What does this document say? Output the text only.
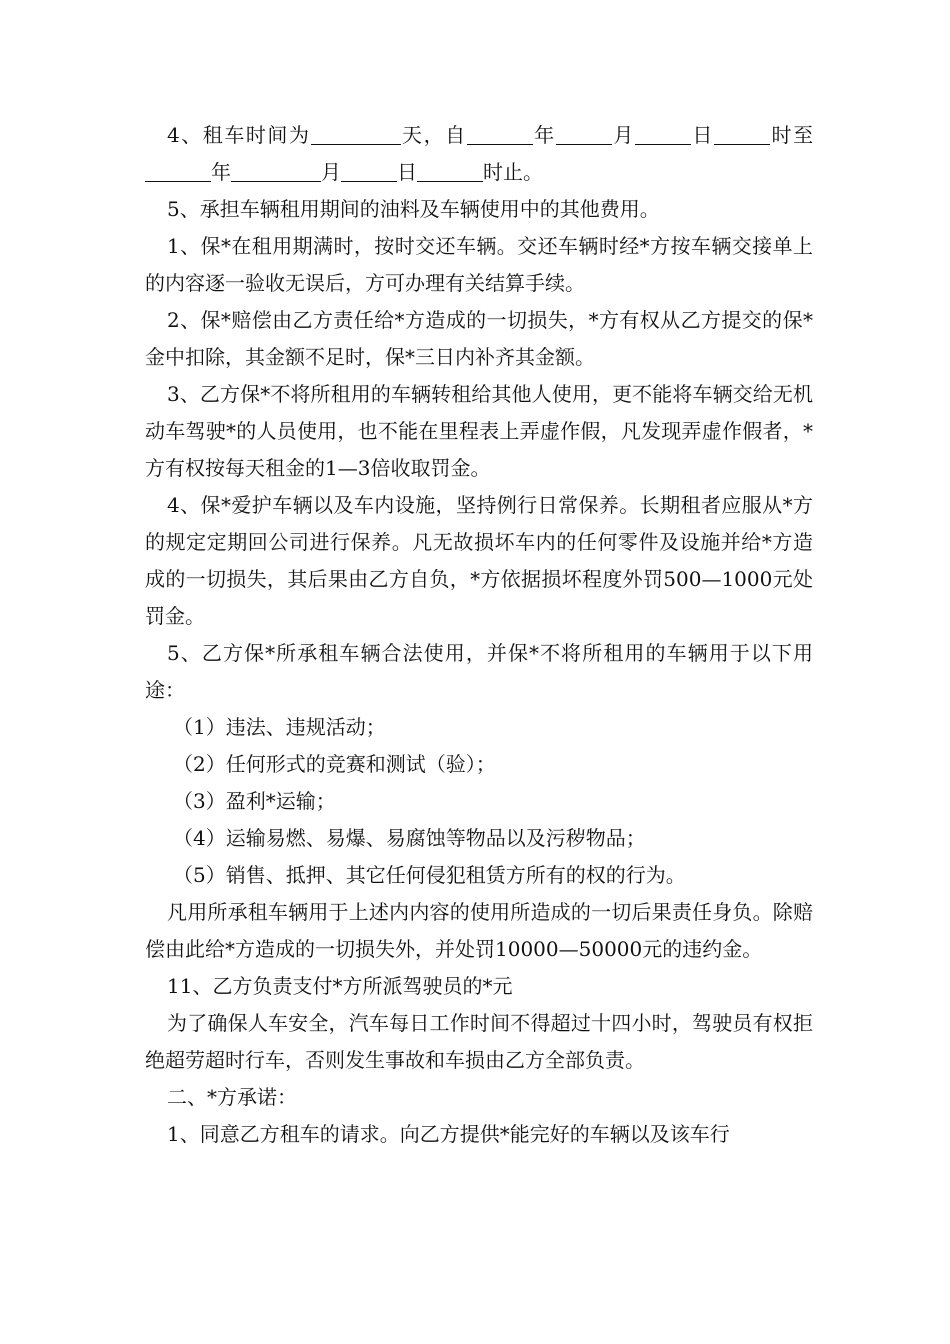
4、租车时间为	天，自	年	月	日	时至年	月	日	时止。

5、承担车辆租用期间的油料及车辆使用中的其他费用。

1、保*在租用期满时，按时交还车辆。交还车辆时经*方按车辆交接单上的内容逐一验收无误后，方可办理有关结算手续。

2、保*赔偿由乙方责任给*方造成的一切损失，*方有权从乙方提交的保*金中扣除，其金额不足时，保*三日内补齐其金额。

3、乙方保*不将所租用的车辆转租给其他人使用，更不能将车辆交给无机动车驾驶*的人员使用，也不能在里程表上弄虚作假，凡发现弄虚作假者，*方有权按每天租金的1—3倍收取罚金。

4、保*爱护车辆以及车内设施，坚持例行日常保养。长期租者应服从*方的规定定期回公司进行保养。凡无故损坏车内的任何零件及设施并给*方造成的一切损失，其后果由乙方自负，*方依据损坏程度外罚500—1000元处罚金。

5、乙方保*所承租车辆合法使用，并保*不将所租用的车辆用于以下用途：

（1）违法、违规活动；

（2）任何形式的竞赛和测试（验）；

（3）盈利*运输；

（4）运输易燃、易爆、易腐蚀等物品以及污秽物品；

（5）销售、抵押、其它任何侵犯租赁方所有的权的行为。

凡用所承租车辆用于上述内内容的使用所造成的一切后果责任身负。除赔偿由此给*方造成的一切损失外，并处罚10000—50000元的违约金。

11、乙方负责支付*方所派驾驶员的*元

为了确保人车安全，汽车每日工作时间不得超过十四小时，驾驶员有权拒绝超劳超时行车，否则发生事故和车损由乙方全部负责。

二、*方承诺：

1、同意乙方租车的请求。向乙方提供*能完好的车辆以及该车行
